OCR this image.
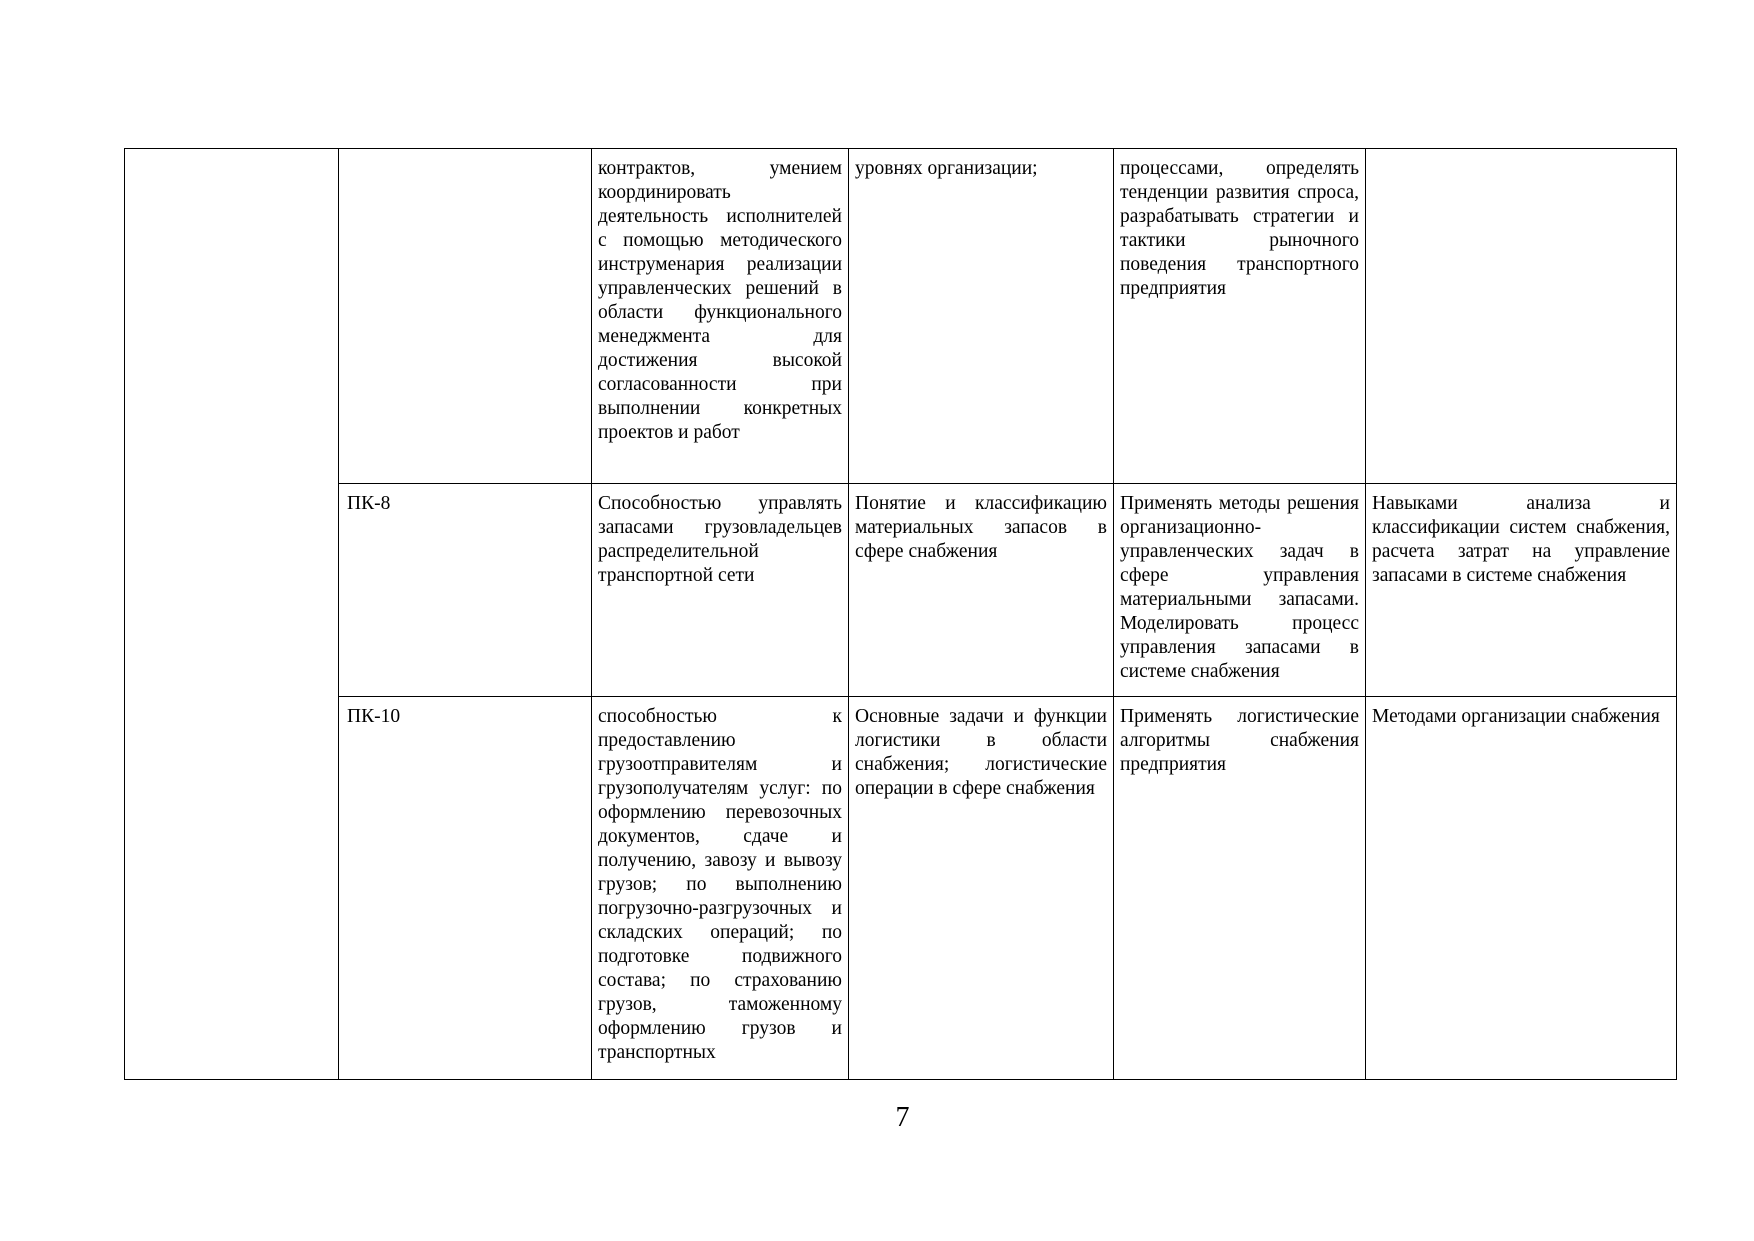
		контрактов, умением координировать деятельность исполнителей с помощью методического инструменария реализации управленческих решений в области функционального менеджмента для достижения высокой согласованности при выполнении конкретных проектов и работ	уровнях организации;	процессами, определять тенденции развития спроса, разрабатывать стратегии и тактики рыночного поведения транспортного предприятия	
	ПК-8	Способностью управлять запасами грузовладельцев распределительной транспортной сети	Понятие и классификацию материальных запасов в сфере снабжения	Применять методы решения организационно-управленческих задач в сфере управления материальными запасами. Моделировать процесс управления запасами в системе снабжения	Навыками анализа и классификации систем снабжения, расчета затрат на управление запасами в системе снабжения
	ПК-10	способностью к предоставлению грузоотправителям и грузополучателям услуг: по оформлению перевозочных документов, сдаче и получению, завозу и вывозу грузов; по выполнению погрузочно-разгрузочных и складских операций; по подготовке подвижного состава; по страхованию грузов, таможенному оформлению грузов и транспортных	Основные задачи и функции логистики в области снабжения; логистические операции в сфере снабжения	Применять логистические алгоритмы снабжения предприятия	Методами организации снабжения
7
